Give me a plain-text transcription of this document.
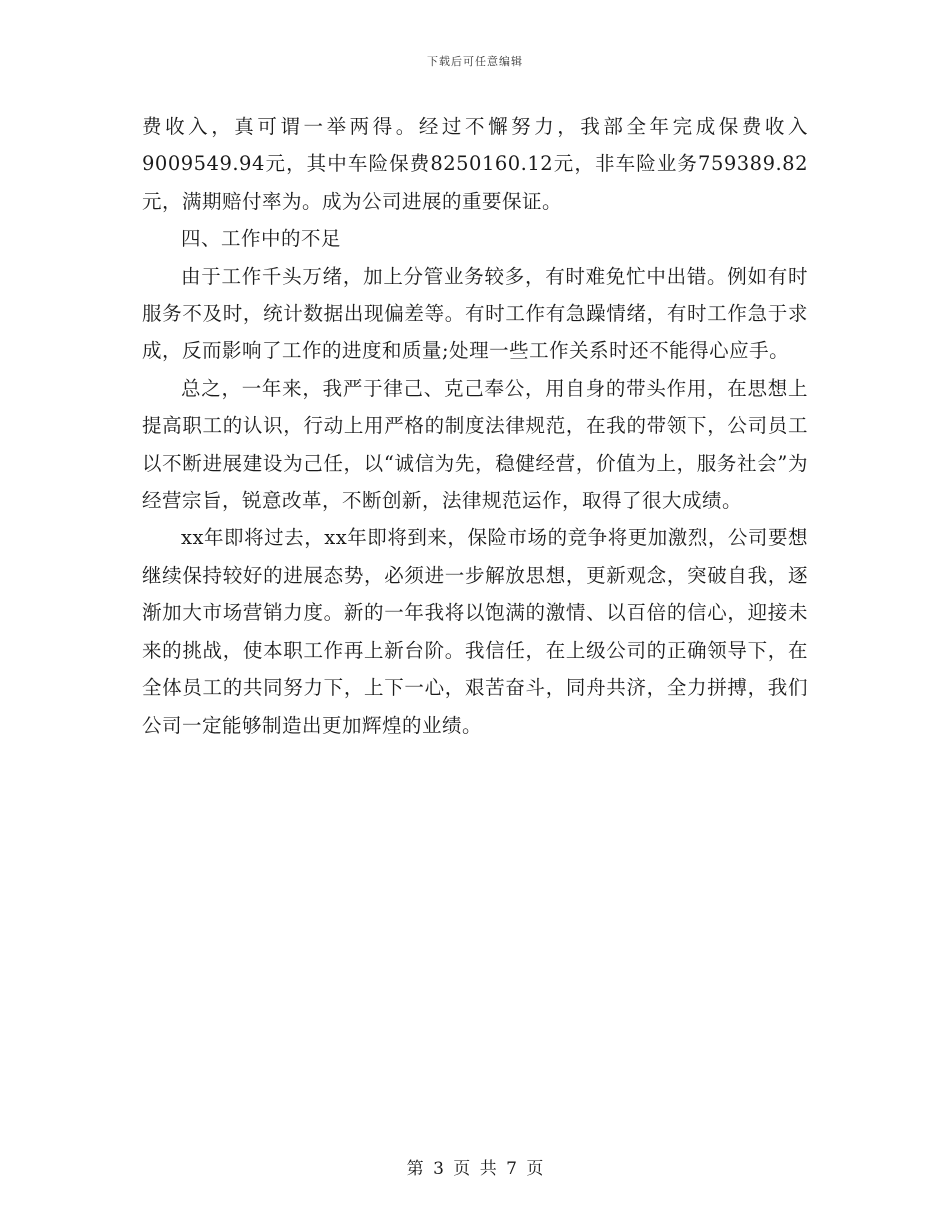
下载后可任意编辑

费收入，真可谓一举两得。经过不懈努力，我部全年完成保费收入9009549.94元，其中车险保费8250160.12元，非车险业务759389.82元，满期赔付率为。成为公司进展的重要保证。

四、工作中的不足

由于工作千头万绪，加上分管业务较多，有时难免忙中出错。例如有时服务不及时，统计数据出现偏差等。有时工作有急躁情绪，有时工作急于求成，反而影响了工作的进度和质量;处理一些工作关系时还不能得心应手。

总之，一年来，我严于律己、克己奉公，用自身的带头作用，在思想上提高职工的认识，行动上用严格的制度法律规范，在我的带领下，公司员工以不断进展建设为己任，以“诚信为先，稳健经营，价值为上，服务社会”为经营宗旨，锐意改革，不断创新，法律规范运作，取得了很大成绩。

xx年即将过去，xx年即将到来，保险市场的竞争将更加激烈，公司要想继续保持较好的进展态势，必须进一步解放思想，更新观念，突破自我，逐渐加大市场营销力度。新的一年我将以饱满的激情、以百倍的信心，迎接未来的挑战，使本职工作再上新台阶。我信任，在上级公司的正确领导下，在全体员工的共同努力下，上下一心，艰苦奋斗，同舟共济，全力拼搏，我们公司一定能够制造出更加辉煌的业绩。

第 3 页 共 7 页
